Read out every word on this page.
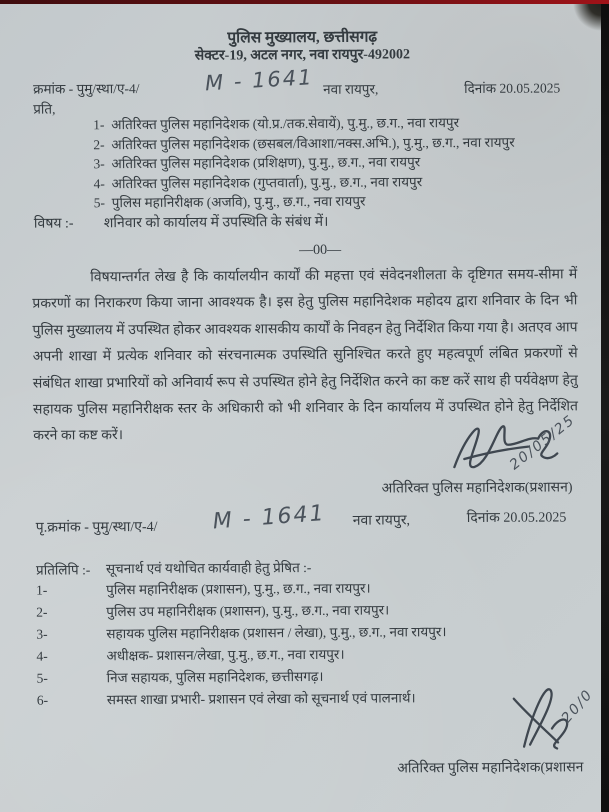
पुलिस मुख्यालय, छत्तीसगढ़
सेक्टर-19, अटल नगर, नवा रायपुर-492002
क्रमांक - पुमु/स्था/ए-4/	M - 1641 नवा रायपुर,	दिनांक 20.05.2025
प्रति,
1- अतिरिक्त पुलिस महानिदेशक (यो.प्र./तक.सेवायें), पु.मु., छ.ग., नवा रायपुर
2- अतिरिक्त पुलिस महानिदेशक (छसबल/विआशा/नक्स.अभि.), पु.मु., छ.ग., नवा रायपुर
3- अतिरिक्त पुलिस महानिदेशक (प्रशिक्षण), पु.मु., छ.ग., नवा रायपुर
4- अतिरिक्त पुलिस महानिदेशक (गुप्तवार्ता), पु.मु., छ.ग., नवा रायपुर
5- पुलिस महानिरीक्षक (अजवि), पु.मु., छ.ग., नवा रायपुर
विषय :- शनिवार को कार्यालय में उपस्थिति के संबंध में।
—00—
विषयान्तर्गत लेख है कि कार्यालयीन कार्यों की महत्ता एवं संवेदनशीलता के दृष्टिगत समय-सीमा में प्रकरणों का निराकरण किया जाना आवश्यक है। इस हेतु पुलिस महानिदेशक महोदय द्वारा शनिवार के दिन भी पुलिस मुख्यालय में उपस्थित होकर आवश्यक शासकीय कार्यों के निवहन हेतु निर्देशित किया गया है। अतएव आप अपनी शाखा में प्रत्येक शनिवार को संरचनात्मक उपस्थिति सुनिश्चित करते हुए महत्वपूर्ण लंबित प्रकरणों से संबंधित शाखा प्रभारियों को अनिवार्य रूप से उपस्थित होने हेतु निर्देशित करने का कष्ट करें साथ ही पर्यवेक्षण हेतु सहायक पुलिस महानिरीक्षक स्तर के अधिकारी को भी शनिवार के दिन कार्यालय में उपस्थित होने हेतु निर्देशित करने का कष्ट करें।	20/05/25
अतिरिक्त पुलिस महानिदेशक(प्रशासन)
पृ.क्रमांक - पुमु/स्था/ए-4/ M - 1641 नवा रायपुर,	दिनांक 20.05.2025
प्रतिलिपि :- सूचनार्थ एवं यथोचित कार्यवाही हेतु प्रेषित :-
1-	पुलिस महानिरीक्षक (प्रशासन), पु.मु., छ.ग., नवा रायपुर।
2-	पुलिस उप महानिरीक्षक (प्रशासन), पु.मु., छ.ग., नवा रायपुर।
3-	सहायक पुलिस महानिरीक्षक (प्रशासन / लेखा), पु.मु., छ.ग., नवा रायपुर।
4-	अधीक्षक- प्रशासन/लेखा, पु.मु., छ.ग., नवा रायपुर।
5-	निज सहायक, पुलिस महानिदेशक, छत्तीसगढ़।
6-	समस्त शाखा प्रभारी- प्रशासन एवं लेखा को सूचनार्थ एवं पालनार्थ।	20/0
अतिरिक्त पुलिस महानिदेशक(प्रशासन
